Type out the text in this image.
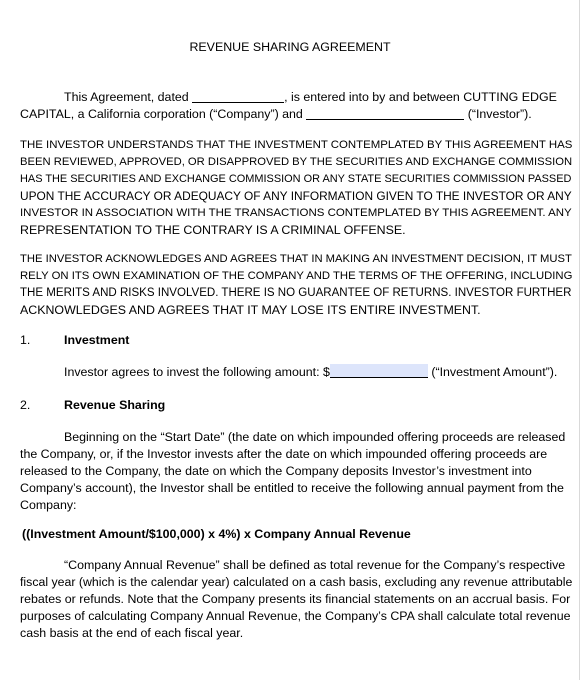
REVENUE SHARING AGREEMENT
This Agreement, dated	, is entered into by and between CUTTING EDGE
CAPITAL, a California corporation (“Company”) and	(“Investor”).
THE INVESTOR UNDERSTANDS THAT THE INVESTMENT CONTEMPLATED BY THIS AGREEMENT HAS
BEEN REVIEWED, APPROVED, OR DISAPPROVED BY THE SECURITIES AND EXCHANGE COMMISSION
HAS THE SECURITIES AND EXCHANGE COMMISSION OR ANY STATE SECURITIES COMMISSION PASSED
UPON THE ACCURACY OR ADEQUACY OF ANY INFORMATION GIVEN TO THE INVESTOR OR ANY
INVESTOR IN ASSOCIATION WITH THE TRANSACTIONS CONTEMPLATED BY THIS AGREEMENT. ANY
REPRESENTATION TO THE CONTRARY IS A CRIMINAL OFFENSE.
THE INVESTOR ACKNOWLEDGES AND AGREES THAT IN MAKING AN INVESTMENT DECISION, IT MUST
RELY ON ITS OWN EXAMINATION OF THE COMPANY AND THE TERMS OF THE OFFERING, INCLUDING
THE MERITS AND RISKS INVOLVED. THERE IS NO GUARANTEE OF RETURNS. INVESTOR FURTHER
ACKNOWLEDGES AND AGREES THAT IT MAY LOSE ITS ENTIRE INVESTMENT.
1.	Investment
Investor agrees to invest the following amount: $	(“Investment Amount”).
2.	Revenue Sharing
Beginning on the “Start Date” (the date on which impounded offering proceeds are released
the Company, or, if the Investor invests after the date on which impounded offering proceeds are
released to the Company, the date on which the Company deposits Investor’s investment into
Company’s account), the Investor shall be entitled to receive the following annual payment from the
Company:
((Investment Amount/$100,000) x 4%) x Company Annual Revenue
“Company Annual Revenue” shall be defined as total revenue for the Company’s respective
fiscal year (which is the calendar year) calculated on a cash basis, excluding any revenue attributable
rebates or refunds. Note that the Company presents its financial statements on an accrual basis. For
purposes of calculating Company Annual Revenue, the Company’s CPA shall calculate total revenue
cash basis at the end of each fiscal year.
